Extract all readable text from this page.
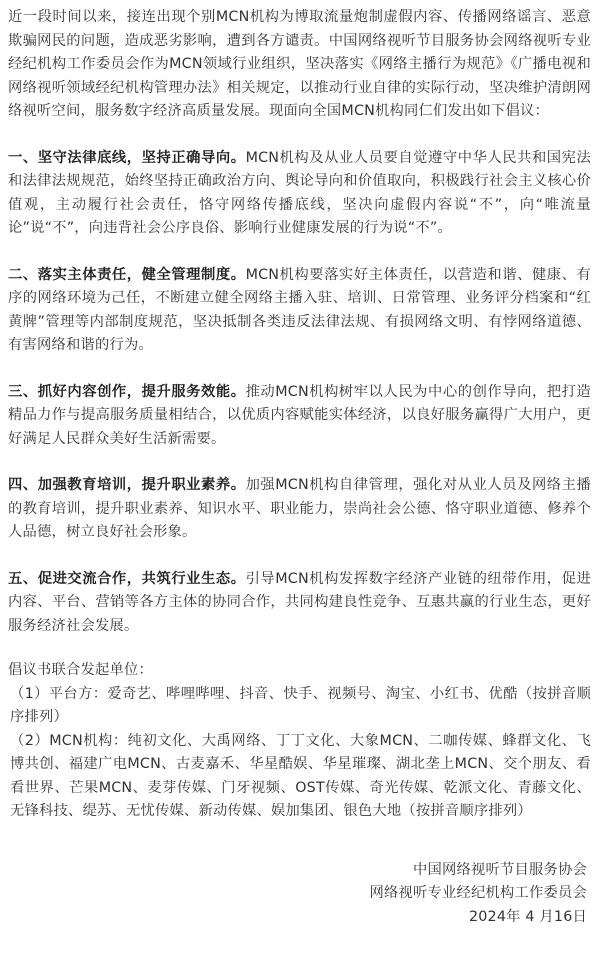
近一段时间以来，接连出现个别MCN机构为博取流量炮制虚假内容、传播网络谣言、恶意欺骗网民的问题，造成恶劣影响，遭到各方谴责。中国网络视听节目服务协会网络视听专业经纪机构工作委员会作为MCN领域行业组织，坚决落实《网络主播行为规范》《广播电视和网络视听领域经纪机构管理办法》相关规定，以推动行业自律的实际行动，坚决维护清朗网络视听空间，服务数字经济高质量发展。现面向全国MCN机构同仁们发出如下倡议：

一、坚守法律底线，坚持正确导向。MCN机构及从业人员要自觉遵守中华人民共和国宪法和法律法规规范，始终坚持正确政治方向、舆论导向和价值取向，积极践行社会主义核心价值观，主动履行社会责任，恪守网络传播底线，坚决向虚假内容说“不”，向“唯流量论”说“不”，向违背社会公序良俗、影响行业健康发展的行为说“不”。

二、落实主体责任，健全管理制度。MCN机构要落实好主体责任，以营造和谐、健康、有序的网络环境为己任，不断建立健全网络主播入驻、培训、日常管理、业务评分档案和“红黄牌”管理等内部制度规范，坚决抵制各类违反法律法规、有损网络文明、有悖网络道德、有害网络和谐的行为。

三、抓好内容创作，提升服务效能。推动MCN机构树牢以人民为中心的创作导向，把打造精品力作与提高服务质量相结合，以优质内容赋能实体经济，以良好服务赢得广大用户，更好满足人民群众美好生活新需要。

四、加强教育培训，提升职业素养。加强MCN机构自律管理，强化对从业人员及网络主播的教育培训，提升职业素养、知识水平、职业能力，崇尚社会公德、恪守职业道德、修养个人品德，树立良好社会形象。

五、促进交流合作，共筑行业生态。引导MCN机构发挥数字经济产业链的纽带作用，促进内容、平台、营销等各方主体的协同合作，共同构建良性竞争、互惠共赢的行业生态，更好服务经济社会发展。

倡议书联合发起单位：

（1）平台方：爱奇艺、哔哩哔哩、抖音、快手、视频号、淘宝、小红书、优酷（按拼音顺序排列）

（2）MCN机构：纯初文化、大禹网络、丁丁文化、大象MCN、二咖传媒、蜂群文化、飞博共创、福建广电MCN、古麦嘉禾、华星酷娱、华星璀璨、湖北垄上MCN、交个朋友、看看世界、芒果MCN、麦芽传媒、门牙视频、OST传媒、奇光传媒、乾派文化、青藤文化、无锋科技、缇苏、无忧传媒、新动传媒、娱加集团、银色大地（按拼音顺序排列）

中国网络视听节目服务协会

网络视听专业经纪机构工作委员会

2024年 4 月16日
